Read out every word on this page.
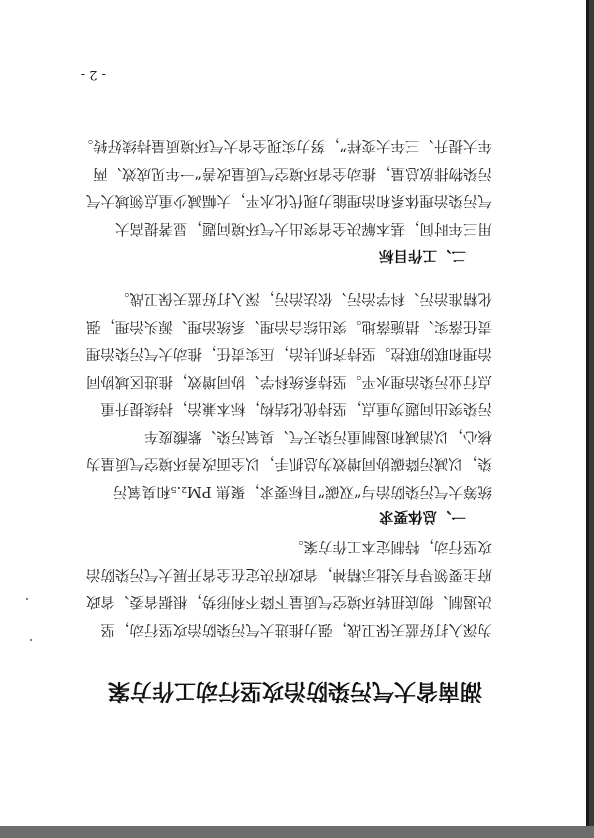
- 2 -
湖南省大气污染防治攻坚行动工作方案
为深入打好蓝天保卫战，强力推进大气污染防治攻坚行动，坚
决遏制、彻底扭转环境空气质量下降不利形势，根据省委、省政
府主要领导有关批示精神，省政府决定在全省开展大气污染防治
攻坚行动，特制定本工作方案。
一、总体要求
统筹大气污染防治与“双碳”目标要求，聚焦 PM₂.₅和臭氧污
染，以减污降碳协同增效为总抓手，以全面改善环境空气质量为
核心，以消减和遏制重污染天气、臭氧污染、紫酸废车
污染突出问题为重点，坚持优化结构，标本兼治，持续提升重
点行业污染治理水平。坚持系统科学、协同增效，推进区域协同
治理和联防联控。坚持齐抓共治，压实责任，推动大气污染治理
责任落实、措施落地。突出综合治理、系统治理、源头治理，强
化精准治污、科学治污、依法治污，深入打好蓝天保卫战。
二、工作目标
用三年时间，基本解决全省突出大气环境问题，显著提高大
气污染治理体系和治理能力现代化水平，大幅减少重点领域大气
污染物排放总量，推动全省环境空气质量改善“一年见成效、两
年大提升、三年大变样”，努力实现全省大气环境质量持续好转。
